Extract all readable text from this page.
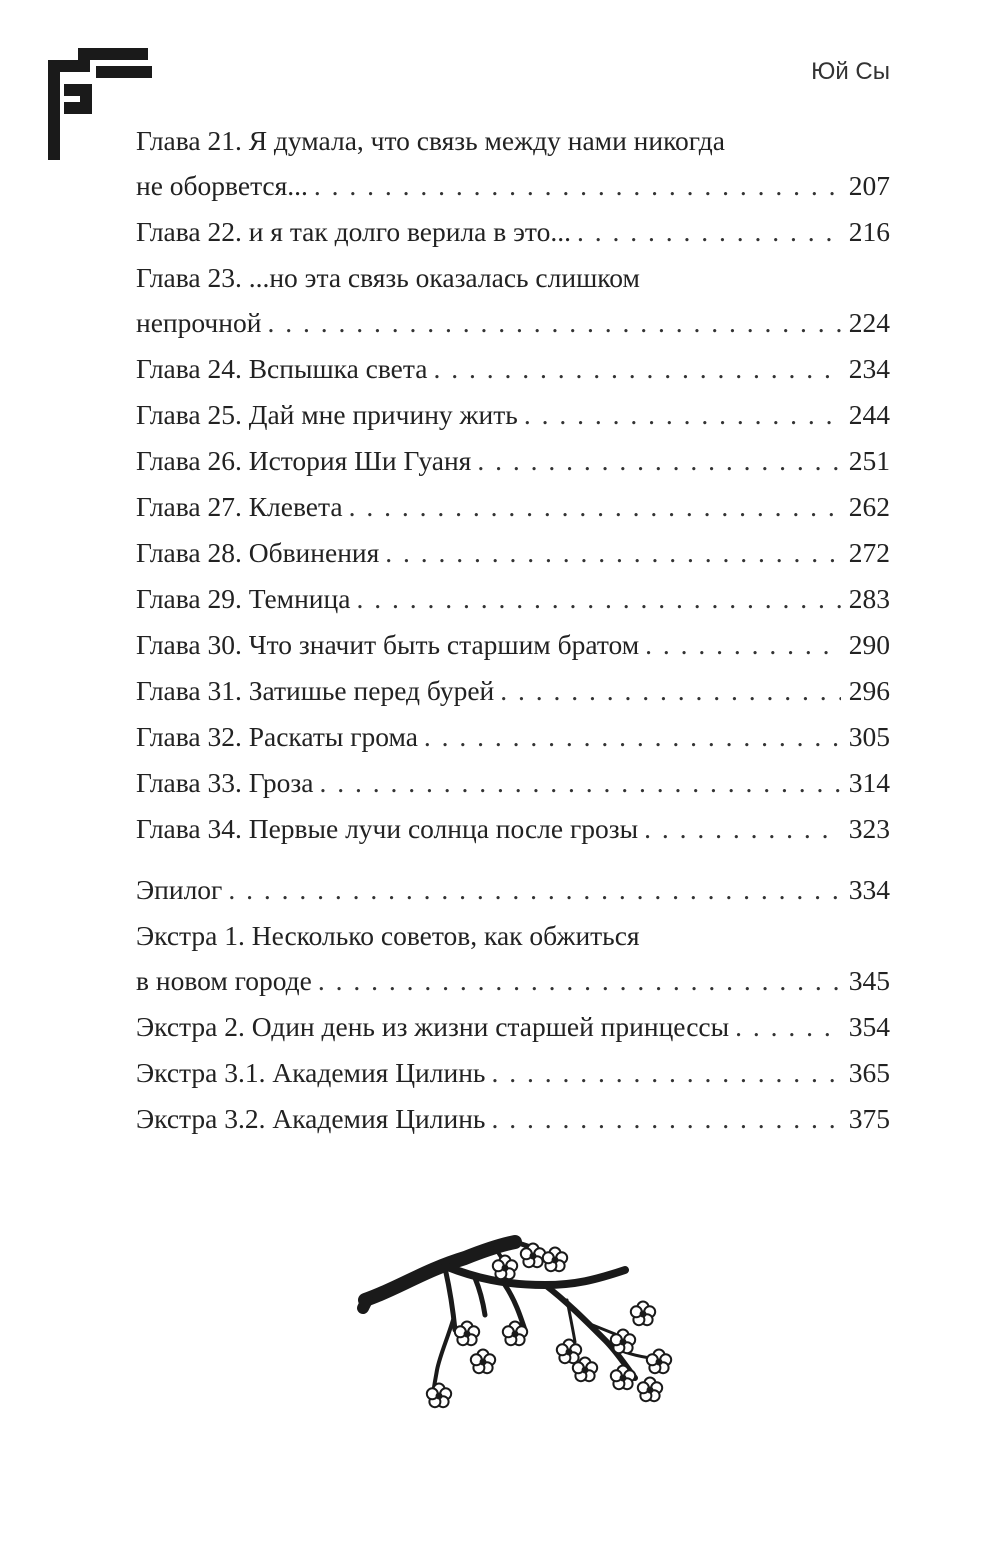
Юй Сы
Глава 21. Я думала, что связь между нами никогда
не оборвется... . . .	207
Глава 22. и я так долго верила в это... . . .	216
Глава 23. ...но эта связь оказалась слишком
непрочной . . .	224
Глава 24. Вспышка света . . .	234
Глава 25. Дай мне причину жить . . .	244
Глава 26. История Ши Гуаня . . .	251
Глава 27. Клевета . . .	262
Глава 28. Обвинения . . .	272
Глава 29. Темница . . .	283
Глава 30. Что значит быть старшим братом . . .	290
Глава 31. Затишье перед бурей . . .	296
Глава 32. Раскаты грома . . .	305
Глава 33. Гроза . . .	314
Глава 34. Первые лучи солнца после грозы . . .	323
Эпилог . . .	334
Экстра 1. Несколько советов, как обжиться
в новом городе . . .	345
Экстра 2. Один день из жизни старшей принцессы . . .	354
Экстра 3.1. Академия Цилинь . . .	365
Экстра 3.2. Академия Цилинь . . .	375
